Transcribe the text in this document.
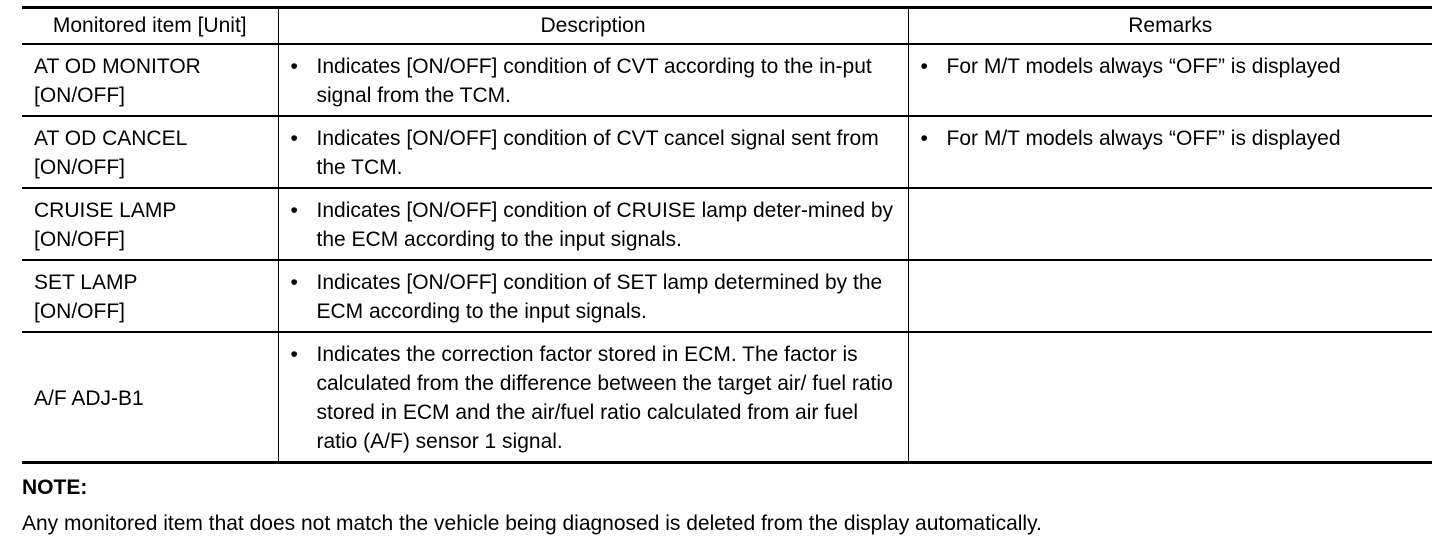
Monitored item [Unit]	Description	Remarks

AT OD MONITOR
[ON/OFF]	• Indicates [ON/OFF] condition of CVT according to the in-put signal from the TCM.	• For M/T models always “OFF” is displayed

AT OD CANCEL
[ON/OFF]	• Indicates [ON/OFF] condition of CVT cancel signal sent from the TCM.	• For M/T models always “OFF” is displayed

CRUISE LAMP
[ON/OFF]	• Indicates [ON/OFF] condition of CRUISE lamp deter-mined by the ECM according to the input signals.	

SET LAMP
[ON/OFF]	• Indicates [ON/OFF] condition of SET lamp determined by the ECM according to the input signals.	

A/F ADJ-B1	• Indicates the correction factor stored in ECM. The factor is calculated from the difference between the target air/ fuel ratio stored in ECM and the air/fuel ratio calculated from air fuel ratio (A/F) sensor 1 signal.	

NOTE:
Any monitored item that does not match the vehicle being diagnosed is deleted from the display automatically.
